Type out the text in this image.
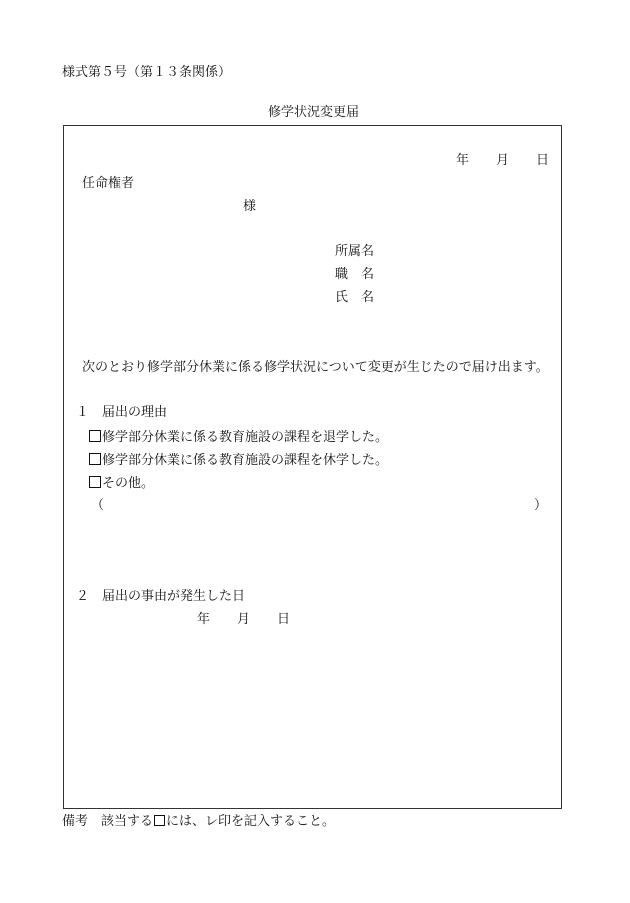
様式第５号（第１３条関係）
修学状況変更届
年 月 日
任命権者
様
所属名
職　名
氏　名
次のとおり修学部分休業に係る修学状況について変更が生じたので届け出ます。
１　届出の理由
修学部分休業に係る教育施設の課程を退学した。
修学部分休業に係る教育施設の課程を休学した。
その他。
（	）
２　届出の事由が発生した日
年 月 日
備考 該当する には、レ印を記入すること。
